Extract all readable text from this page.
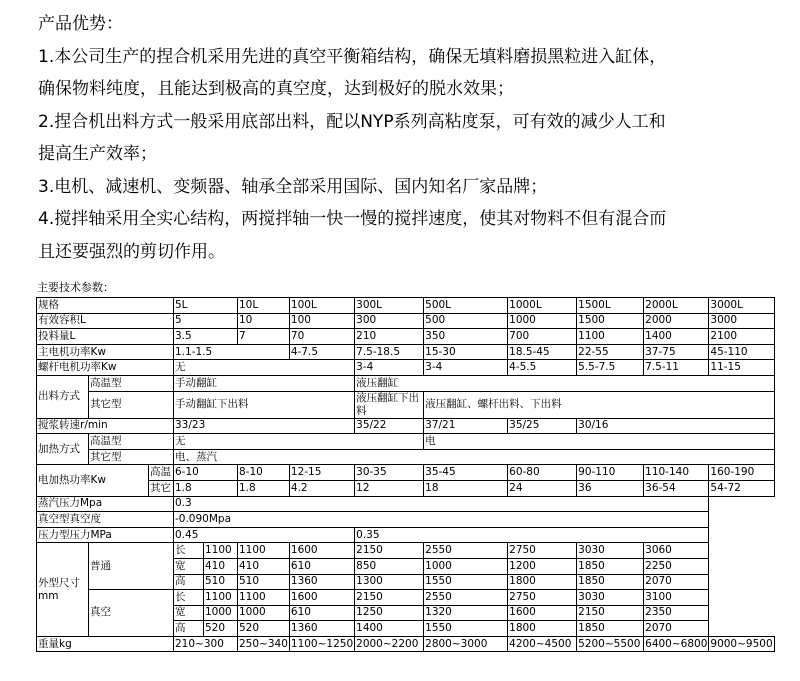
产品优势：
1.本公司生产的捏合机采用先进的真空平衡箱结构，确保无填料磨损黑粒进入缸体，
确保物料纯度，且能达到极高的真空度，达到极好的脱水效果；
2.捏合机出料方式一般采用底部出料，配以NYP系列高粘度泵，可有效的减少人工和
提高生产效率；
3.电机、减速机、变频器、轴承全部采用国际、国内知名厂家品牌；
4.搅拌轴采用全实心结构，两搅拌轴一快一慢的搅拌速度，使其对物料不但有混合而
且还要强烈的剪切作用。
主要技术参数：
规格			5L		10L	100L	300L	500L	1000L	1500L	2000L	3000L
有效容积L			5		10	100	300	500	1000	1500	2000	3000
投料量L			3.5		7	70	210	350	700	1100	1400	2100
主电机功率Kw			1.1-1.5			4-7.5	7.5-18.5	15-30	18.5-45	22-55	37-75	45-110
螺杆电机功率Kw			无				3-4	3-4	4-5.5	5.5-7.5	7.5-11	11-15
出料方式	高温型		手动翻缸				液压翻缸					
	其它型		手动翻缸下出料				液压翻缸下出料	液压翻缸、螺杆出料、下出料				

搅浆转速r/min			33/23				35/22	37/21	35/25	30/16		
加热方式	高温型		无					电				
	其它型		电、蒸汽									
电加热功率Kw		高温	6-10		8-10	12-15	30-35	35-45	60-80	90-110	110-140	160-190
		其它	1.8		1.8	4.2	12	18	24	36	36-54	54-72
蒸汽压力Mpa			0.3									
真空型真空度			-0.090Mpa									
压力型压力MPa			0.45				0.35					
外型尺寸mm	普通		长	1100	1100	1600	2150	2550	2750	3030	3060	
			宽	410	410	610	850	1000	1200	1850	2250	
			高	510	510	1360	1300	1550	1800	1850	2070	
	真空		长	1100	1100	1600	2150	2550	2750	3030	3100	
			宽	1000	1000	610	1250	1320	1600	2150	2350	
			高	520	520	1360	1400	1550	1800	1850	2070	
重量kg			210~300		250~340	1100~1250	2000~2200	2800~3000	4200~4500	5200~5500	6400~6800	9000~9500
